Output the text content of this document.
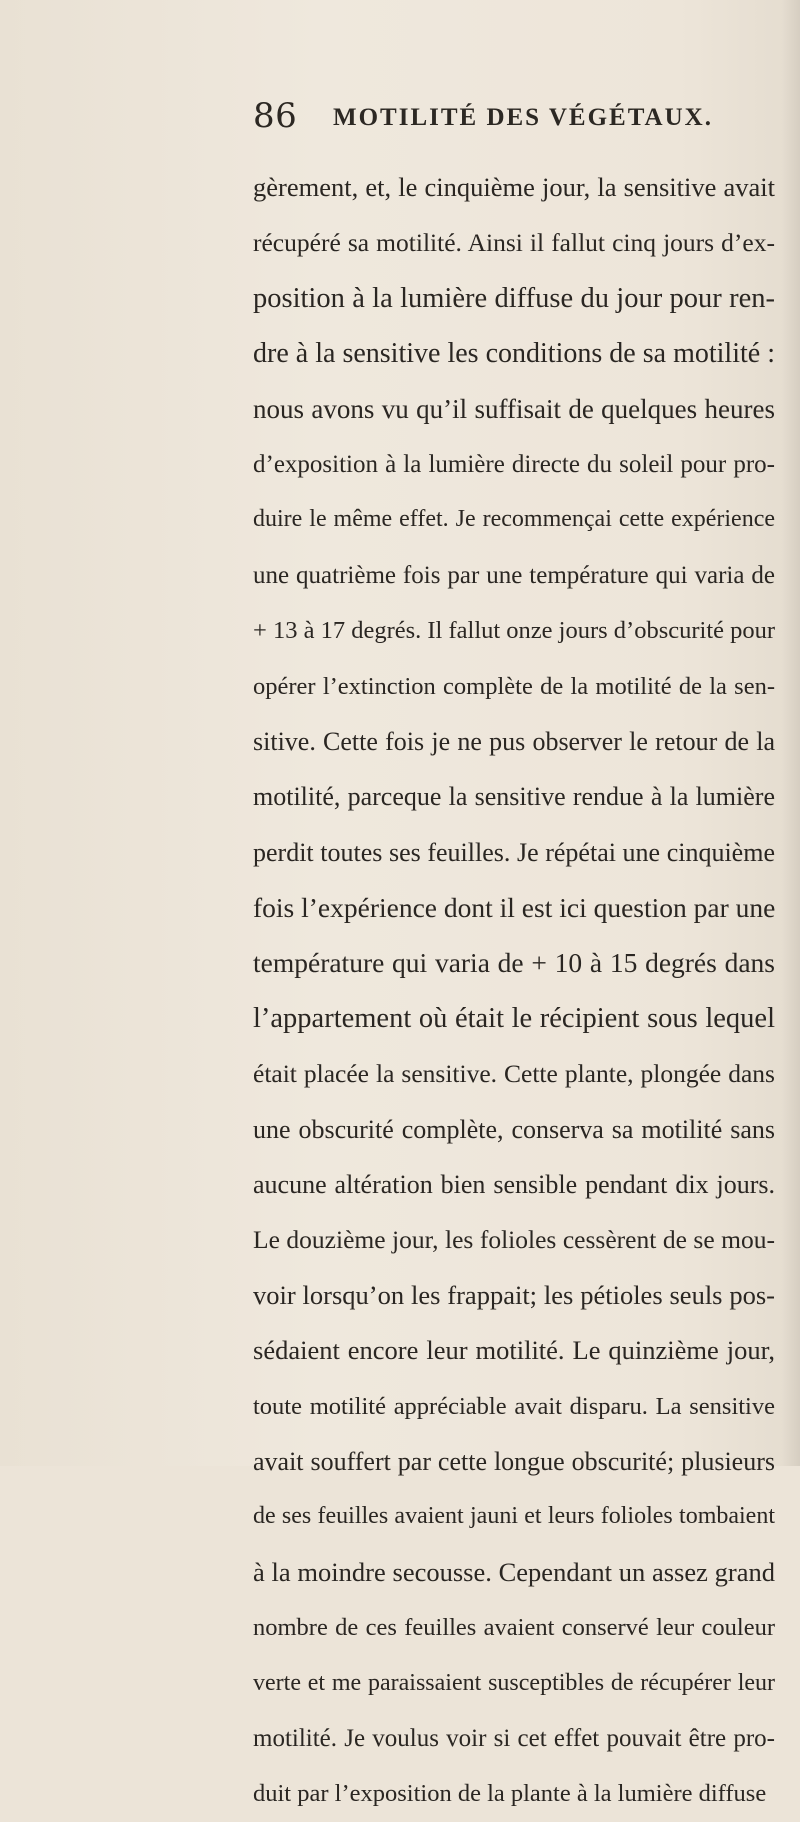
86 MOTILITÉ DES VÉGÉTAUX.
gèrement, et, le cinquième jour, la sensitive avait
récupéré sa motilité. Ainsi il fallut cinq jours d’ex-
position à la lumière diffuse du jour pour ren-
dre à la sensitive les conditions de sa motilité :
nous avons vu qu’il suffisait de quelques heures
d’exposition à la lumière directe du soleil pour pro-
duire le même effet. Je recommençai cette expérience
une quatrième fois par une température qui varia de
+ 13 à 17 degrés. Il fallut onze jours d’obscurité pour
opérer l’extinction complète de la motilité de la sen-
sitive. Cette fois je ne pus observer le retour de la
motilité, parceque la sensitive rendue à la lumière
perdit toutes ses feuilles. Je répétai une cinquième
fois l’expérience dont il est ici question par une
température qui varia de + 10 à 15 degrés dans
l’appartement où était le récipient sous lequel
était placée la sensitive. Cette plante, plongée dans
une obscurité complète, conserva sa motilité sans
aucune altération bien sensible pendant dix jours.
Le douzième jour, les folioles cessèrent de se mou-
voir lorsqu’on les frappait; les pétioles seuls pos-
sédaient encore leur motilité. Le quinzième jour,
toute motilité appréciable avait disparu. La sensitive
avait souffert par cette longue obscurité; plusieurs
de ses feuilles avaient jauni et leurs folioles tombaient
à la moindre secousse. Cependant un assez grand
nombre de ces feuilles avaient conservé leur couleur
verte et me paraissaient susceptibles de récupérer leur
motilité. Je voulus voir si cet effet pouvait être pro-
duit par l’exposition de la plante à la lumière diffuse
